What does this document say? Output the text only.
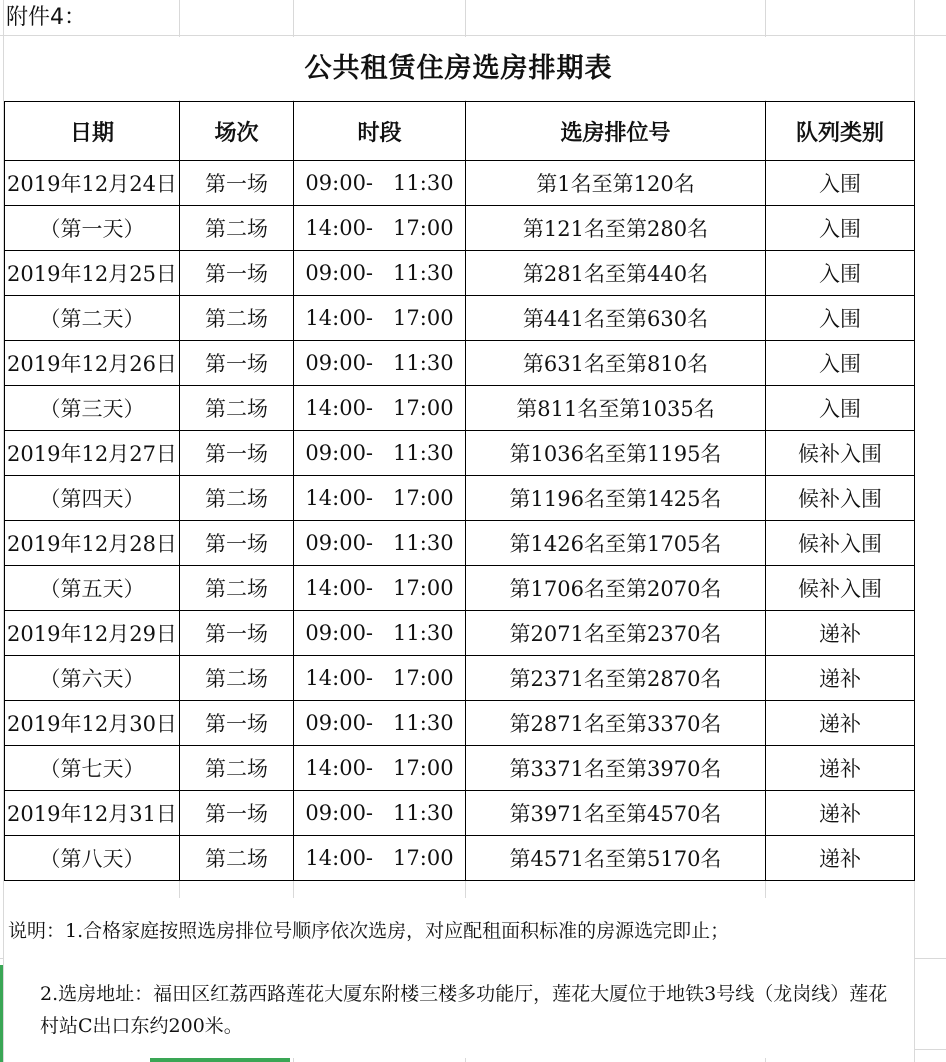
附件4：
公共租赁住房选房排期表
日期	场次	时段	选房排位号	队列类别
2019年12月24日	第一场	09:00-   11:30	第1名至第120名	入围
（第一天）	第二场	14:00-   17:00	第121名至第280名	入围
2019年12月25日	第一场	09:00-   11:30	第281名至第440名	入围
（第二天）	第二场	14:00-   17:00	第441名至第630名	入围
2019年12月26日	第一场	09:00-   11:30	第631名至第810名	入围
（第三天）	第二场	14:00-   17:00	第811名至第1035名	入围
2019年12月27日	第一场	09:00-   11:30	第1036名至第1195名	候补入围
（第四天）	第二场	14:00-   17:00	第1196名至第1425名	候补入围
2019年12月28日	第一场	09:00-   11:30	第1426名至第1705名	候补入围
（第五天）	第二场	14:00-   17:00	第1706名至第2070名	候补入围
2019年12月29日	第一场	09:00-   11:30	第2071名至第2370名	递补
（第六天）	第二场	14:00-   17:00	第2371名至第2870名	递补
2019年12月30日	第一场	09:00-   11:30	第2871名至第3370名	递补
（第七天）	第二场	14:00-   17:00	第3371名至第3970名	递补
2019年12月31日	第一场	09:00-   11:30	第3971名至第4570名	递补
（第八天）	第二场	14:00-   17:00	第4571名至第5170名	递补
说明：1.合格家庭按照选房排位号顺序依次选房，对应配租面积标准的房源选完即止；
2.选房地址：福田区红荔西路莲花大厦东附楼三楼多功能厅，莲花大厦位于地铁3号线（龙岗线）莲花村站C出口东约200米。
